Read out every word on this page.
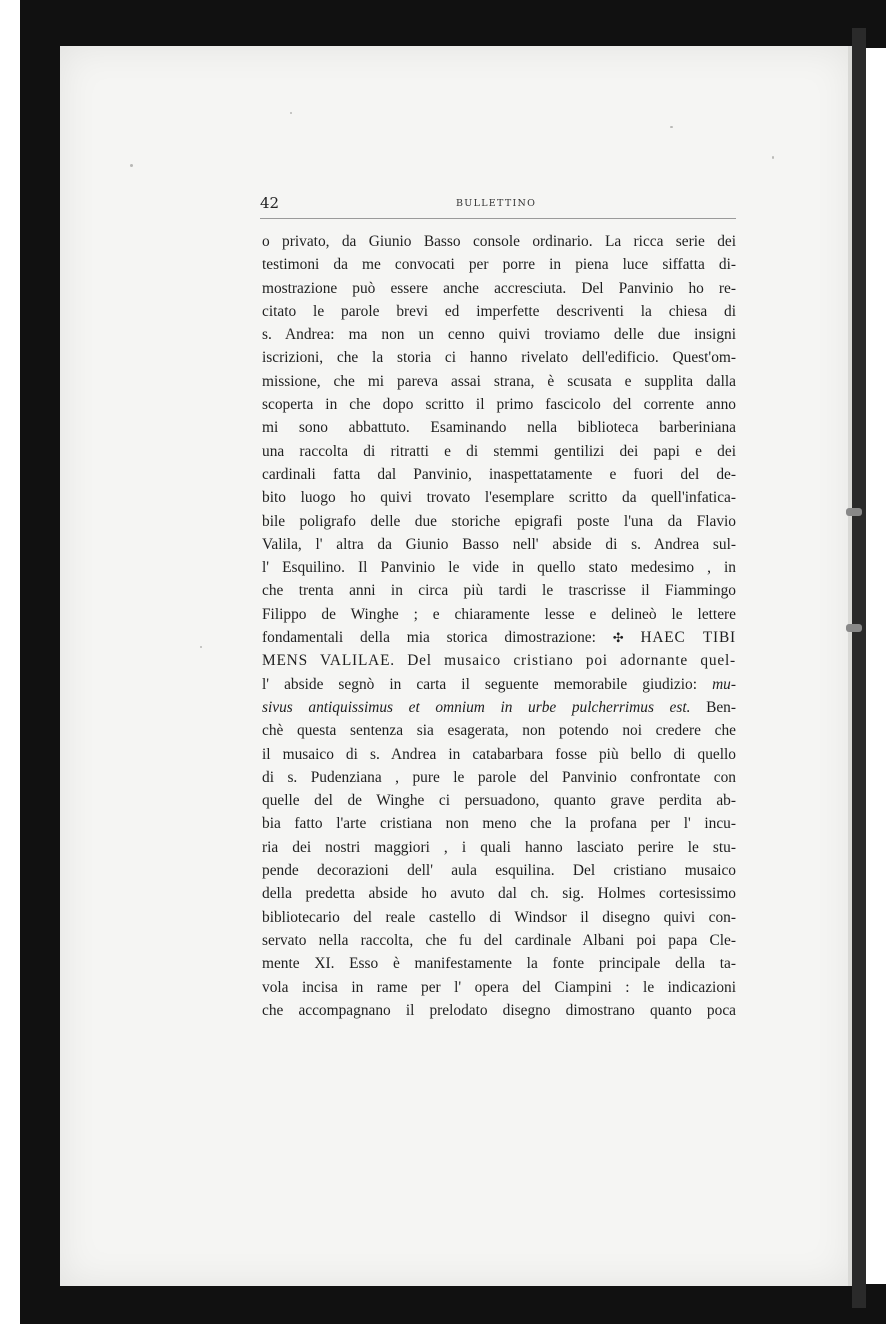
42	BULLETTINO
o privato, da Giunio Basso console ordinario. La ricca serie dei
testimoni da me convocati per porre in piena luce siffatta di-
mostrazione può essere anche accresciuta. Del Panvinio ho re-
citato le parole brevi ed imperfette descriventi la chiesa di
s. Andrea: ma non un cenno quivi troviamo delle due insigni
iscrizioni, che la storia ci hanno rivelato dell'edificio. Quest'om-
missione, che mi pareva assai strana, è scusata e supplita dalla
scoperta in che dopo scritto il primo fascicolo del corrente anno
mi sono abbattuto. Esaminando nella biblioteca barberiniana
una raccolta di ritratti e di stemmi gentilizi dei papi e dei
cardinali fatta dal Panvinio, inaspettatamente e fuori del de-
bito luogo ho quivi trovato l'esemplare scritto da quell'infatica-
bile poligrafo delle due storiche epigrafi poste l'una da Flavio
Valila, l' altra da Giunio Basso nell' abside di s. Andrea sul-
l' Esquilino. Il Panvinio le vide in quello stato medesimo , in
che trenta anni in circa più tardi le trascrisse il Fiammingo
Filippo de Winghe ; e chiaramente lesse e delineò le lettere
fondamentali della mia storica dimostrazione: ✣ HAEC TIBI
MENS VALILAE. Del musaico cristiano poi adornante quel-
l' abside segnò in carta il seguente memorabile giudizio: mu-
sivus antiquissimus et omnium in urbe pulcherrimus est. Ben-
chè questa sentenza sia esagerata, non potendo noi credere che
il musaico di s. Andrea in catabarbara fosse più bello di quello
di s. Pudenziana , pure le parole del Panvinio confrontate con
quelle del de Winghe ci persuadono, quanto grave perdita ab-
bia fatto l'arte cristiana non meno che la profana per l' incu-
ria dei nostri maggiori , i quali hanno lasciato perire le stu-
pende decorazioni dell' aula esquilina. Del cristiano musaico
della predetta abside ho avuto dal ch. sig. Holmes cortesissimo
bibliotecario del reale castello di Windsor il disegno quivi con-
servato nella raccolta, che fu del cardinale Albani poi papa Cle-
mente XI. Esso è manifestamente la fonte principale della ta-
vola incisa in rame per l' opera del Ciampini : le indicazioni
che accompagnano il prelodato disegno dimostrano quanto poca
